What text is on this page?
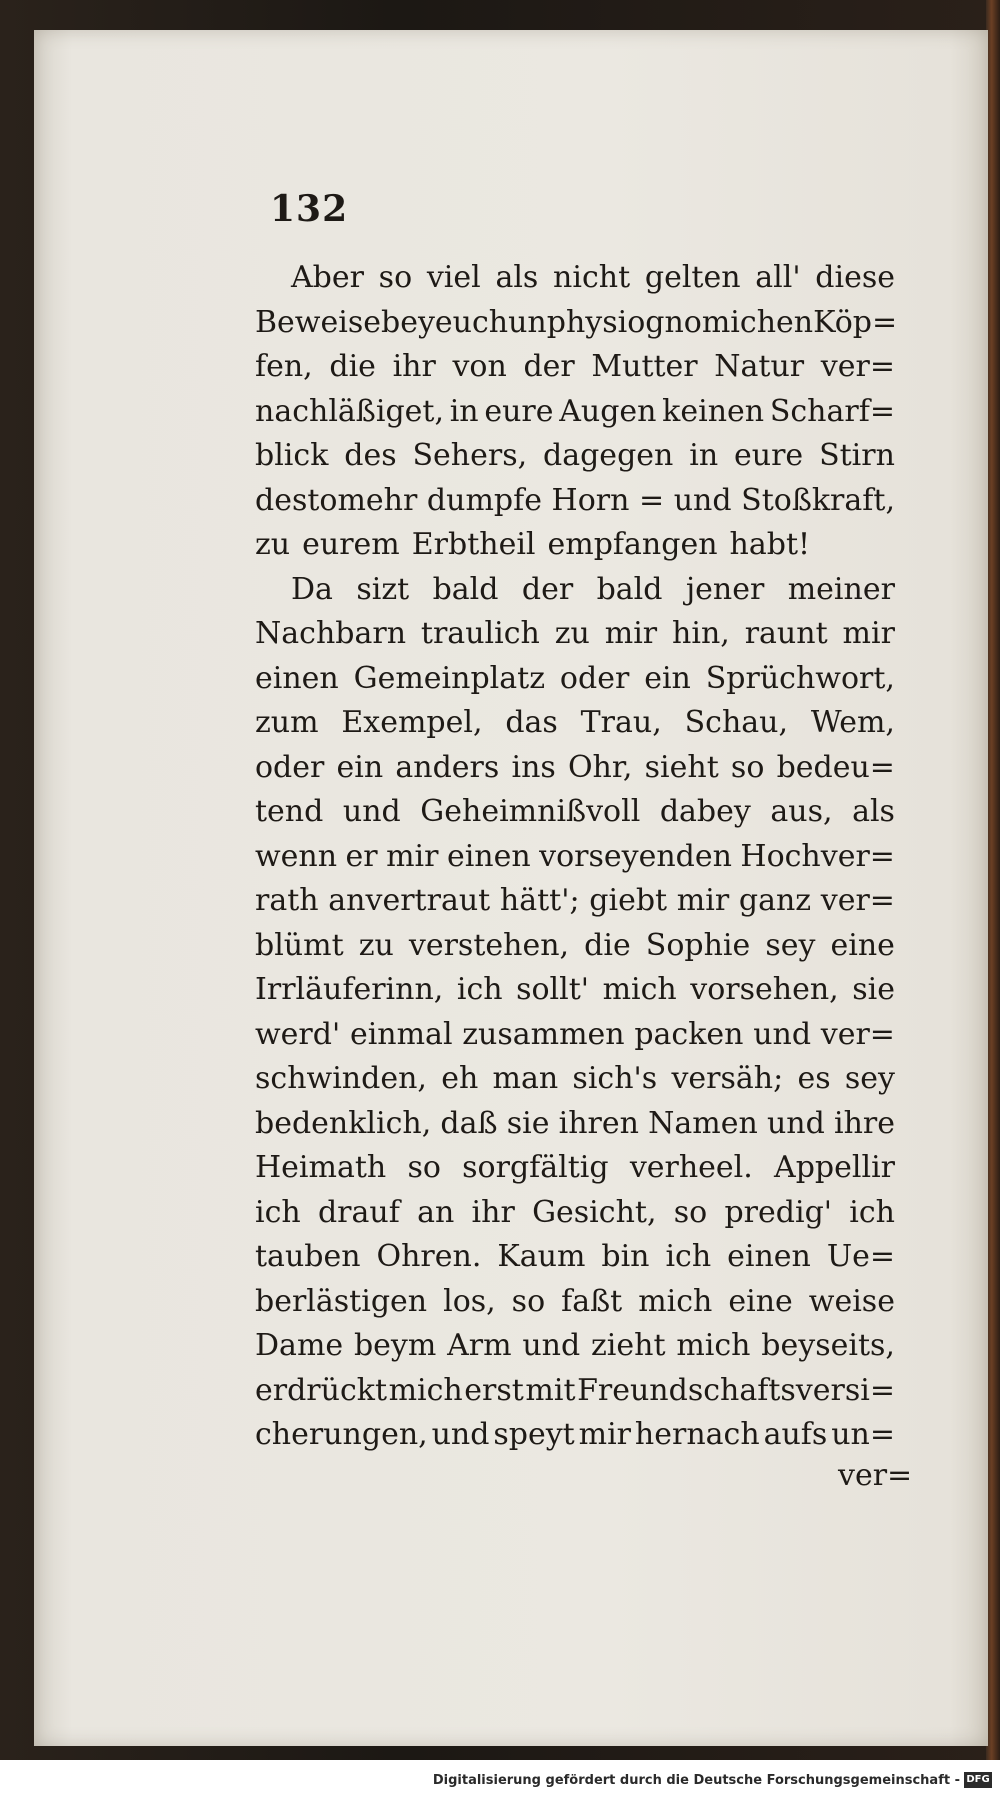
132
Aber so viel als nicht gelten all' diese
Beweise bey euch unphysiognomichen Köp=
fen, die ihr von der Mutter Natur ver=
nachläßiget, in eure Augen keinen Scharf=
blick des Sehers, dagegen in eure Stirn
destomehr dumpfe Horn = und Stoßkraft,
zu eurem Erbtheil empfangen habt!
Da sizt bald der bald jener meiner
Nachbarn traulich zu mir hin, raunt mir
einen Gemeinplatz oder ein Sprüchwort,
zum Exempel, das Trau, Schau, Wem,
oder ein anders ins Ohr, sieht so bedeu=
tend und Geheimnißvoll dabey aus, als
wenn er mir einen vorseyenden Hochver=
rath anvertraut hätt'; giebt mir ganz ver=
blümt zu verstehen, die Sophie sey eine
Irrläuferinn, ich sollt' mich vorsehen, sie
werd' einmal zusammen packen und ver=
schwinden, eh man sich's versäh; es sey
bedenklich, daß sie ihren Namen und ihre
Heimath so sorgfältig verheel. Appellir
ich drauf an ihr Gesicht, so predig' ich
tauben Ohren. Kaum bin ich einen Ue=
berlästigen los, so faßt mich eine weise
Dame beym Arm und zieht mich beyseits,
erdrückt mich erst mit Freundschaftsversi=
cherungen, und speyt mir hernach aufs un=
ver=
Digitalisierung gefördert durch die Deutsche Forschungsgemeinschaft - DFG
